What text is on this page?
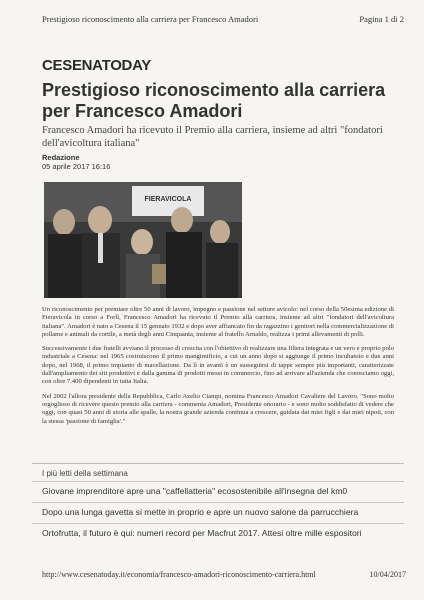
Prestigioso riconoscimento alla carriera per Francesco Amadori	Pagina 1 di 2
CESENATODAY
Prestigioso riconoscimento alla carriera per Francesco Amadori

Francesco Amadori ha ricevuto il Premio alla carriera, insieme ad altri "fondatori dell'avicoltura italiana"

Redazione
05 aprile 2017 16:16
FIERAVICOLA

Un riconoscimento per premiare oltre 50 anni di lavoro, impegno e passione nel settore avicolo: nel corso della 50esima edizione di Fieravicola in corso a Forlì, Francesco Amadori ha ricevuto il Premio alla carriera, insieme ad altri "fondatori dell'avicoltura italiana". Amadori è nato a Cesena il 15 gennaio 1932 e dopo aver affiancato fin da ragazzino i genitori nella commercializzazione di pollame e animali da cortile, a metà degli anni Cinquanta, insieme al fratello Arnaldo, realizza i primi allevamenti di polli.

Successivamente i due fratelli avviano il processo di crescita con l'obiettivo di realizzare una filiera integrata e un vero e proprio polo industriale a Cesena: nel 1965 costruiscono il primo mangimificio, a cui un anno dopo si aggiunge il primo incubatoio e due anni dopo, nel 1968, il primo impianto di macellazione. Da lì in avanti è un susseguirsi di tappe sempre più importanti, caratterizzate dall'ampliamento dei siti produttivi e dalla gamma di prodotti messi in commercio, fino ad arrivare all'azienda che conosciamo oggi, con oltre 7.400 dipendenti in tutta Italia.

Nel 2002 l'allora presidente della Repubblica, Carlo Azelio Ciampi, nomina Francesco Amadori Cavaliere del Lavoro. "Sono molto orgoglioso di ricevere questo premio alla carriera - commenta Amadori, Presidente onorario - e sono molto soddisfatto di vedere che oggi, con quasi 50 anni di storia alle spalle, la nostra grande azienda continua a crescere, guidata dai miei figli e dai miei nipoti, con la stessa 'passione di famiglia'."

I più letti della settimana
Giovane imprenditore apre una "caffellatteria" ecosostenibile all'insegna del km0
Dopo una lunga gavetta si mette in proprio e apre un nuovo salone da parrucchiera
Ortofrutta, il futuro è qui: numeri record per Macfrut 2017. Attesi oltre mille espositori
http://www.cesenatoday.it/economia/francesco-amadori-riconoscimento-carriera.html	10/04/2017
